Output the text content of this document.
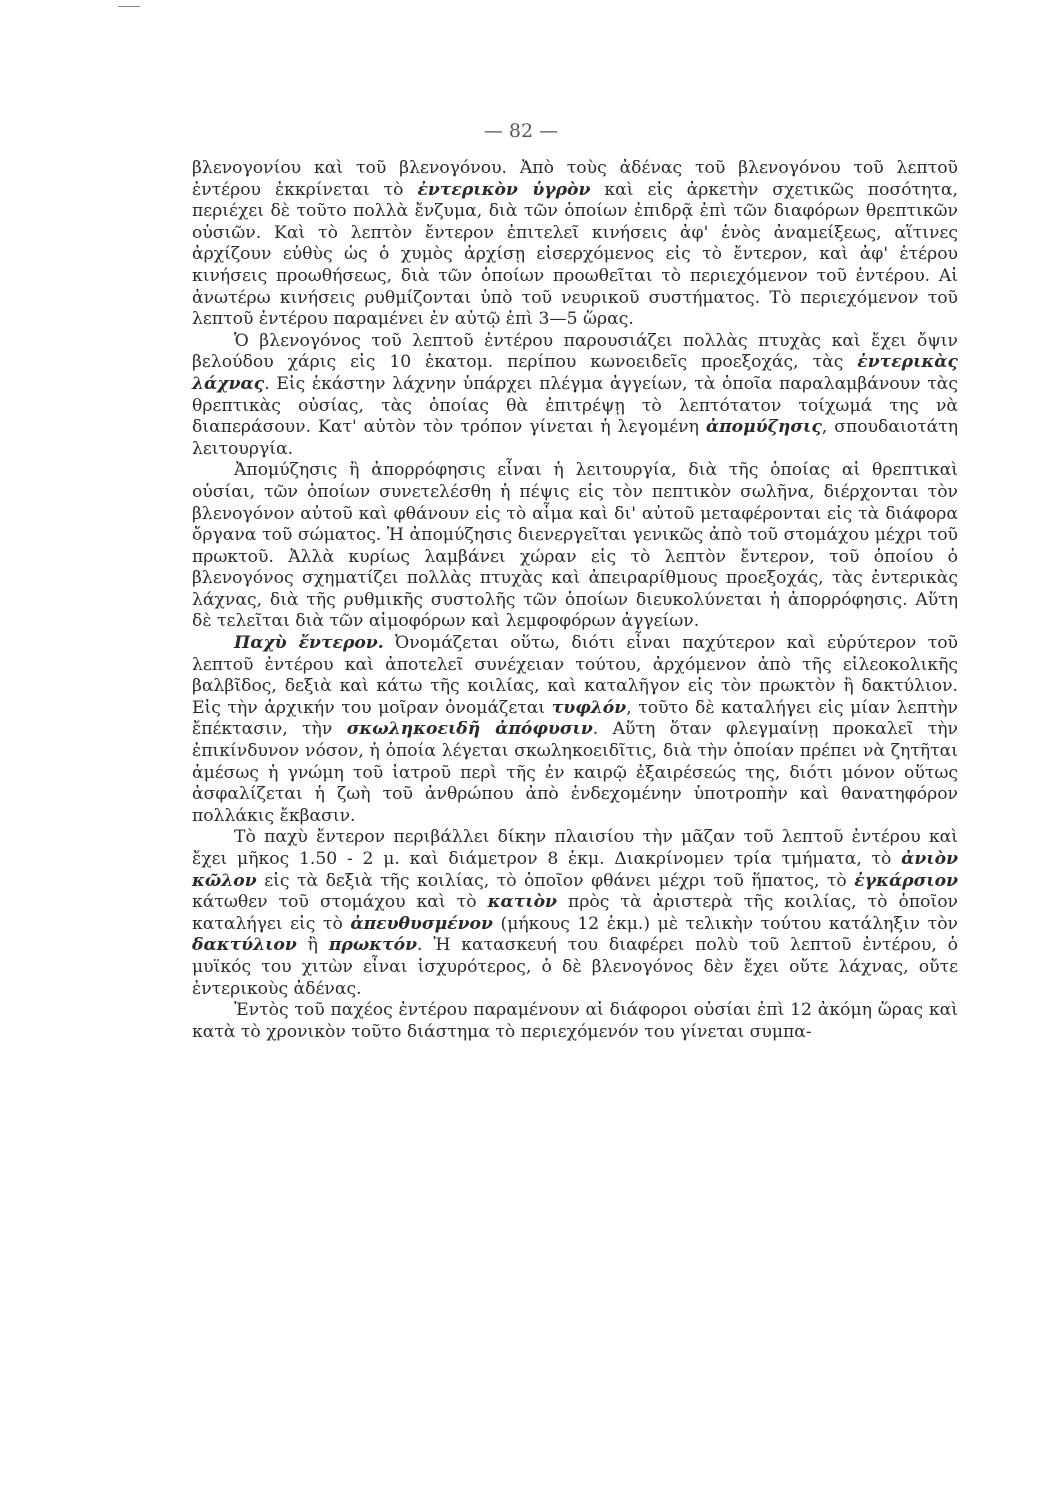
— 82 —

βλενογονίου καὶ τοῦ βλενογόνου. Ἀπὸ τοὺς ἀδένας τοῦ βλενογόνου τοῦ λεπτοῦ ἐντέρου ἐκκρίνεται τὸ ἐντερικὸν ὑγρὸν καὶ εἰς ἀρκετὴν σχετικῶς ποσότητα, περιέχει δὲ τοῦτο πολλὰ ἔνζυμα, διὰ τῶν ὁποίων ἐπιδρᾷ ἐπὶ τῶν διαφόρων θρεπτικῶν οὐσιῶν. Καὶ τὸ λεπτὸν ἔντερον ἐπιτελεῖ κινήσεις ἀφ' ἑνὸς ἀναμείξεως, αἵτινες ἀρχίζουν εὐθὺς ὡς ὁ χυμὸς ἀρχίσῃ εἰσερχόμενος εἰς τὸ ἔντερον, καὶ ἀφ' ἑτέρου κινήσεις προωθήσεως, διὰ τῶν ὁποίων προωθεῖται τὸ περιεχόμενον τοῦ ἐντέρου. Αἱ ἀνωτέρω κινήσεις ρυθμίζονται ὑπὸ τοῦ νευρικοῦ συστήματος. Τὸ περιεχόμενον τοῦ λεπτοῦ ἐντέρου παραμένει ἐν αὐτῷ ἐπὶ 3—5 ὥρας.

Ὁ βλενογόνος τοῦ λεπτοῦ ἐντέρου παρουσιάζει πολλὰς πτυχὰς καὶ ἔχει ὄψιν βελούδου χάρις εἰς 10 ἑκατομ. περίπου κωνοειδεῖς προεξοχάς, τὰς ἐντερικὰς λάχνας. Εἰς ἑκάστην λάχνην ὑπάρχει πλέγμα ἀγγείων, τὰ ὁποῖα παραλαμβάνουν τὰς θρεπτικὰς οὐσίας, τὰς ὁποίας θὰ ἐπιτρέψῃ τὸ λεπτότατον τοίχωμά της νὰ διαπεράσουν. Κατ' αὐτὸν τὸν τρόπον γίνεται ἡ λεγομένη ἀπομύζησις, σπουδαιοτάτη λειτουργία.

Ἀπομύζησις ἢ ἀπορρόφησις εἶναι ἡ λειτουργία, διὰ τῆς ὁποίας αἱ θρεπτικαὶ οὐσίαι, τῶν ὁποίων συνετελέσθη ἡ πέψις εἰς τὸν πεπτικὸν σωλῆνα, διέρχονται τὸν βλενογόνον αὐτοῦ καὶ φθάνουν εἰς τὸ αἷμα καὶ δι' αὐτοῦ μεταφέρονται εἰς τὰ διάφορα ὄργανα τοῦ σώματος. Ἡ ἀπομύζησις διενεργεῖται γενικῶς ἀπὸ τοῦ στομάχου μέχρι τοῦ πρωκτοῦ. Ἀλλὰ κυρίως λαμβάνει χώραν εἰς τὸ λεπτὸν ἔντερον, τοῦ ὁποίου ὁ βλενογόνος σχηματίζει πολλὰς πτυχὰς καὶ ἀπειραρίθμους προεξοχάς, τὰς ἐντερικὰς λάχνας, διὰ τῆς ρυθμικῆς συστολῆς τῶν ὁποίων διευκολύνεται ἡ ἀπορρόφησις. Αὕτη δὲ τελεῖται διὰ τῶν αἱμοφόρων καὶ λεμφοφόρων ἀγγείων.

Παχὺ ἔντερον. Ὀνομάζεται οὕτω, διότι εἶναι παχύτερον καὶ εὐρύτερον τοῦ λεπτοῦ ἐντέρου καὶ ἀποτελεῖ συνέχειαν τούτου, ἀρχόμενον ἀπὸ τῆς εἰλεοκολικῆς βαλβῖδος, δεξιὰ καὶ κάτω τῆς κοιλίας, καὶ καταλῆγον εἰς τὸν πρωκτὸν ἢ δακτύλιον. Εἰς τὴν ἀρχικήν του μοῖραν ὀνομάζεται τυφλόν, τοῦτο δὲ καταλήγει εἰς μίαν λεπτὴν ἔπέκτασιν, τὴν σκωληκοειδῆ ἀπόφυσιν. Αὕτη ὅταν φλεγμαίνῃ προκαλεῖ τὴν ἐπικίνδυνον νόσον, ἡ ὁποία λέγεται σκωληκοειδῖτις, διὰ τὴν ὁποίαν πρέπει νὰ ζητῆται ἀμέσως ἡ γνώμη τοῦ ἰατροῦ περὶ τῆς ἐν καιρῷ ἐξαιρέσεώς της, διότι μόνον οὕτως ἀσφαλίζεται ἡ ζωὴ τοῦ ἀνθρώπου ἀπὸ ἐνδεχομένην ὑποτροπὴν καὶ θανατηφόρον πολλάκις ἔκβασιν.

Τὸ παχὺ ἔντερον περιβάλλει δίκην πλαισίου τὴν μᾶζαν τοῦ λεπτοῦ ἐντέρου καὶ ἔχει μῆκος 1.50 - 2 μ. καὶ διάμετρον 8 ἑκμ. Διακρίνομεν τρία τμήματα, τὸ ἀνιὸν κῶλον εἰς τὰ δεξιὰ τῆς κοιλίας, τὸ ὁποῖον φθάνει μέχρι τοῦ ἥπατος, τὸ ἐγκάρσιον κάτωθεν τοῦ στομάχου καὶ τὸ κατιὸν πρὸς τὰ ἀριστερὰ τῆς κοιλίας, τὸ ὁποῖον καταλήγει εἰς τὸ ἀπευθυσμένον (μήκους 12 ἑκμ.) μὲ τελικὴν τούτου κατάληξιν τὸν δακτύλιον ἢ πρωκτόν. Ἡ κατασκευή του διαφέρει πολὺ τοῦ λεπτοῦ ἐντέρου, ὁ μυϊκός του χιτὼν εἶναι ἰσχυρότερος, ὁ δὲ βλενογόνος δὲν ἔχει οὔτε λάχνας, οὔτε ἐντερικοὺς ἀδένας.

Ἐντὸς τοῦ παχέος ἐντέρου παραμένουν αἱ διάφοροι οὐσίαι ἐπὶ 12 ἀκόμη ὥρας καὶ κατὰ τὸ χρονικὸν τοῦτο διάστημα τὸ περιεχόμενόν του γίνεται συμπα-
